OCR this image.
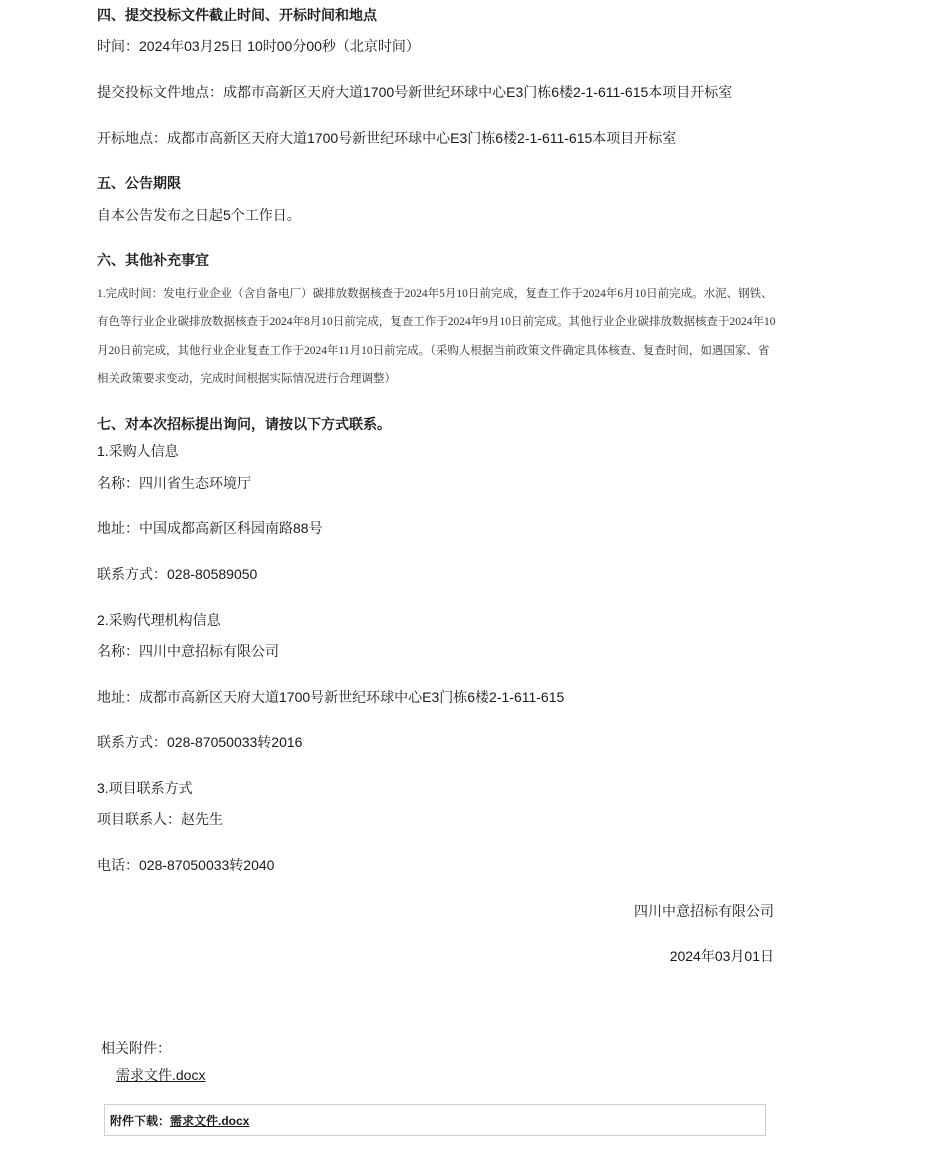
四、提交投标文件截止时间、开标时间和地点
时间：2024年03月25日 10时00分00秒（北京时间）
提交投标文件地点：成都市高新区天府大道1700号新世纪环球中心E3门栋6楼2-1-611-615本项目开标室
开标地点：成都市高新区天府大道1700号新世纪环球中心E3门栋6楼2-1-611-615本项目开标室
五、公告期限
自本公告发布之日起5个工作日。
六、其他补充事宜
1.完成时间：发电行业企业（含自备电厂）碳排放数据核查于2024年5月10日前完成，复查工作于2024年6月10日前完成。水泥、钢铁、有色等行业企业碳排放数据核查于2024年8月10日前完成，复查工作于2024年9月10日前完成。其他行业企业碳排放数据核查于2024年10月20日前完成，其他行业企业复查工作于2024年11月10日前完成。（采购人根据当前政策文件确定具体核查、复查时间，如遇国家、省相关政策要求变动，完成时间根据实际情况进行合理调整）
七、对本次招标提出询问，请按以下方式联系。
1.采购人信息
名称：四川省生态环境厅
地址：中国成都高新区科园南路88号
联系方式：028-80589050
2.采购代理机构信息
名称：四川中意招标有限公司
地址：成都市高新区天府大道1700号新世纪环球中心E3门栋6楼2-1-611-615
联系方式：028-87050033转2016
3.项目联系方式
项目联系人：赵先生
电话：028-87050033转2040
四川中意招标有限公司
2024年03月01日
相关附件：
需求文件.docx
附件下载：需求文件.docx
